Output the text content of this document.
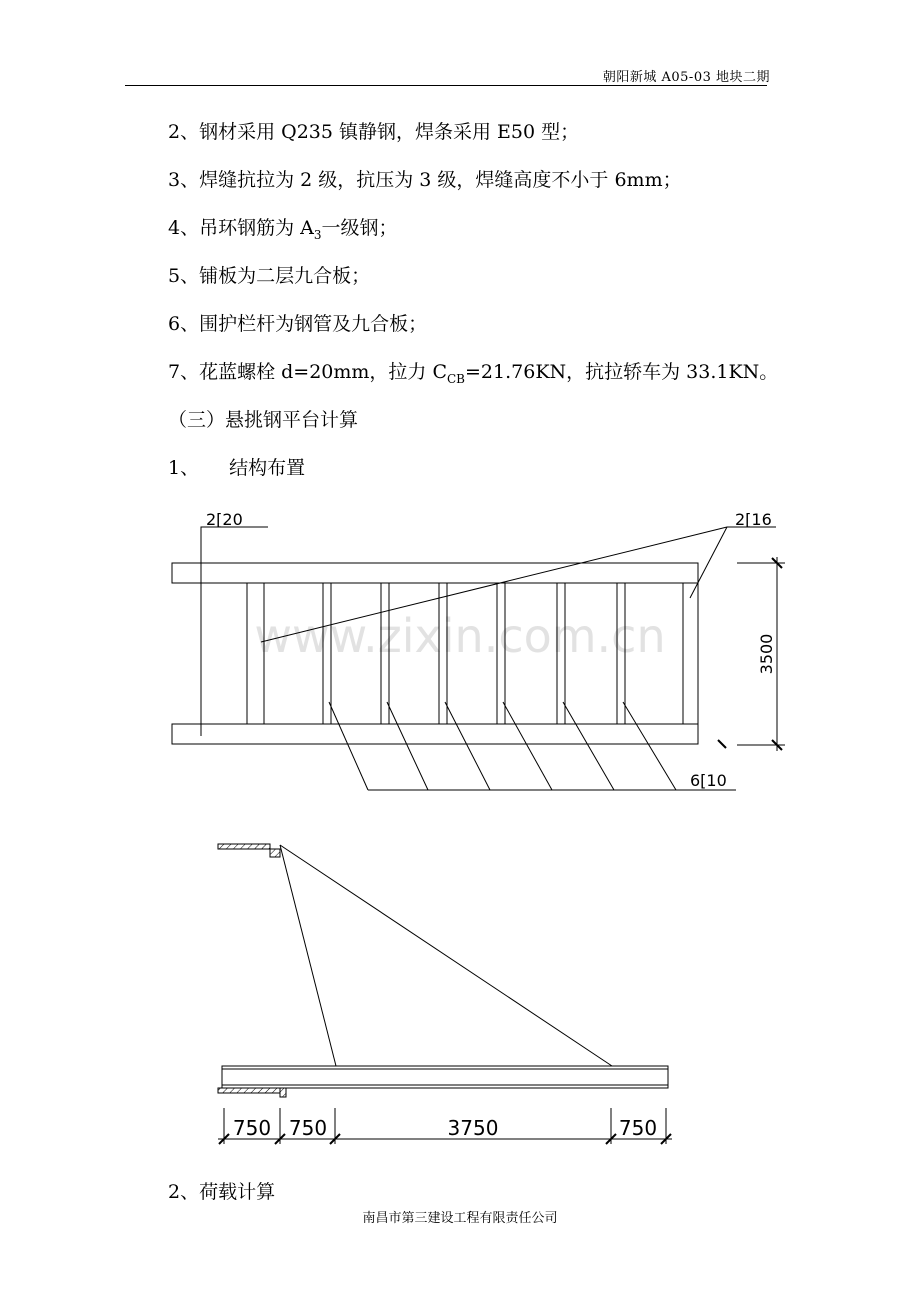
朝阳新城 A05-03 地块二期
2、钢材采用 Q235 镇静钢，焊条采用 E50 型；
3、焊缝抗拉为 2 级，抗压为 3 级，焊缝高度不小于 6mm；
4、吊环钢筋为 $A_3$一级钢；
5、铺板为二层九合板；
6、围护栏杆为钢管及九合板；
7、花蓝螺栓 d=20mm，拉力 $C_{CB}=21.76KN$，抗拉轿车为 33.1KN。
（三）悬挑钢平台计算
1、 结构布置
www.zixin.com.cn
2[20	2[16
6[10
3500
750 750	3750	750
2、荷载计算
南昌市第三建设工程有限责任公司
